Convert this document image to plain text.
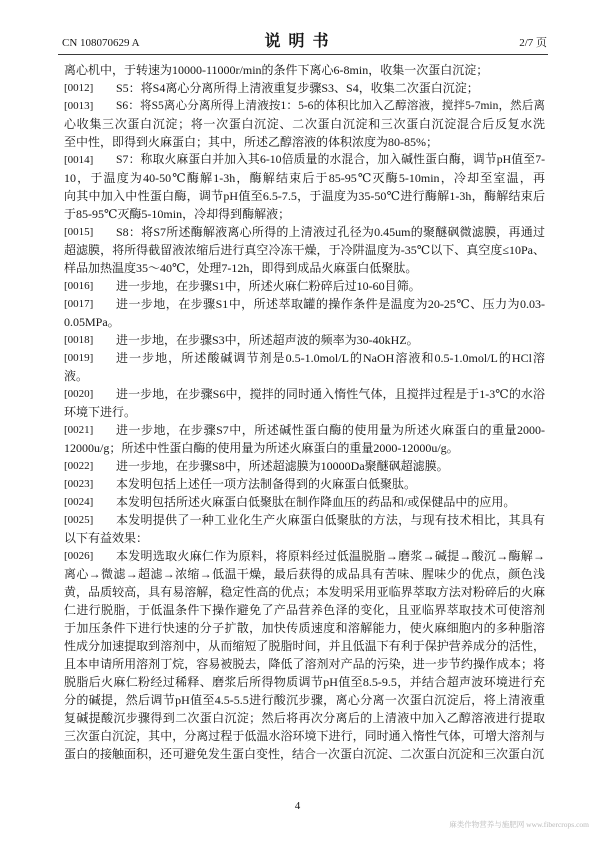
CN 108070629 A	说 明 书	2/7 页
离心机中，于转速为10000-11000r/min的条件下离心6-8min，收集一次蛋白沉淀；
[0012] S5：将S4离心分离所得上清液重复步骤S3、S4，收集二次蛋白沉淀；
[0013] S6：将S5离心分离所得上清液按1：5-6的体积比加入乙醇溶液，搅拌5-7min，然后离
心收集三次蛋白沉淀；将一次蛋白沉淀、二次蛋白沉淀和三次蛋白沉淀混合后反复水洗
至中性，即得到火麻蛋白；其中，所述乙醇溶液的体积浓度为80-85%；
[0014] S7：称取火麻蛋白并加入其6-10倍质量的水混合，加入碱性蛋白酶，调节pH值至7-
10，于温度为40-50℃酶解1-3h，酶解结束后于85-95℃灭酶5-10min，冷却至室温，再
向其中加入中性蛋白酶，调节pH值至6.5-7.5，于温度为35-50℃进行酶解1-3h，酶解结束后
于85-95℃灭酶5-10min，冷却得到酶解液；
[0015] S8：将S7所述酶解液离心所得的上清液过孔径为0.45um的聚醚砜微滤膜，再通过
超滤膜，将所得截留液浓缩后进行真空冷冻干燥，于冷阱温度为-35℃以下、真空度≤10Pa、
样品加热温度35～40℃，处理7-12h，即得到成品火麻蛋白低聚肽。
[0016] 进一步地，在步骤S1中，所述火麻仁粉碎后过10-60目筛。
[0017] 进一步地，在步骤S1中，所述萃取罐的操作条件是温度为20-25℃、压力为0.03-
0.05MPa。
[0018] 进一步地，在步骤S3中，所述超声波的频率为30-40kHZ。
[0019] 进一步地，所述酸碱调节剂是0.5-1.0mol/L的NaOH溶液和0.5-1.0mol/L的HCl溶
液。
[0020] 进一步地，在步骤S6中，搅拌的同时通入惰性气体，且搅拌过程是于1-3℃的水浴
环境下进行。
[0021] 进一步地，在步骤S7中，所述碱性蛋白酶的使用量为所述火麻蛋白的重量2000-
12000u/g；所述中性蛋白酶的使用量为所述火麻蛋白的重量2000-12000u/g。
[0022] 进一步地，在步骤S8中，所述超滤膜为10000Da聚醚砜超滤膜。
[0023] 本发明包括上述任一项方法制备得到的火麻蛋白低聚肽。
[0024] 本发明包括所述火麻蛋白低聚肽在制作降血压的药品和/或保健品中的应用。
[0025] 本发明提供了一种工业化生产火麻蛋白低聚肽的方法，与现有技术相比，其具有
以下有益效果：
[0026] 本发明选取火麻仁作为原料，将原料经过低温脱脂→磨浆→碱提→酸沉→酶解→
离心→微滤→超滤→浓缩→低温干燥，最后获得的成品具有苦味、腥味少的优点，颜色浅
黄，品质较高，具有易溶解，稳定性高的优点；本发明采用亚临界萃取方法对粉碎后的火麻
仁进行脱脂，于低温条件下操作避免了产品营养色泽的变化，且亚临界萃取技术可使溶剂
于加压条件下进行快速的分子扩散，加快传质速度和溶解能力，使火麻细胞内的多种脂溶
性成分加速提取到溶剂中，从而缩短了脱脂时间，并且低温下有利于保护营养成分的活性，
且本申请所用溶剂丁烷，容易被脱去，降低了溶剂对产品的污染，进一步节约操作成本；将
脱脂后火麻仁粉经过稀释、磨浆后所得物质调节pH值至8.5-9.5，并结合超声波环境进行充
分的碱提，然后调节pH值至4.5-5.5进行酸沉步骤，离心分离一次蛋白沉淀后，将上清液重
复碱提酸沉步骤得到二次蛋白沉淀；然后将再次分离后的上清液中加入乙醇溶液进行提取
三次蛋白沉淀，其中，分离过程于低温水浴环境下进行，同时通入惰性气体，可增大溶剂与
蛋白的接触面积，还可避免发生蛋白变性，结合一次蛋白沉淀、二次蛋白沉淀和三次蛋白沉
4
麻类作物营养与施肥网 www.fibercrops.com
